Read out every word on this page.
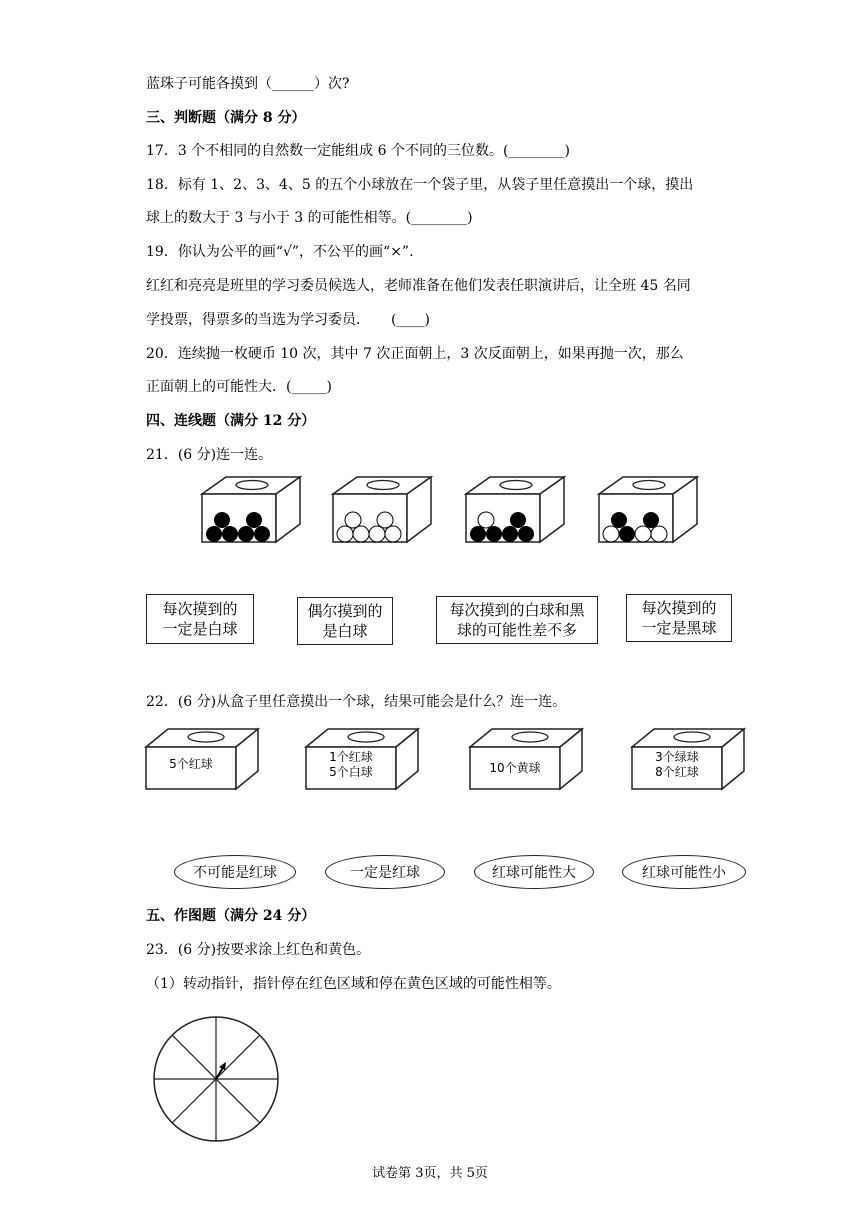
蓝珠子可能各摸到（______）次?
三、判断题（满分 8 分）
17．3 个不相同的自然数一定能组成 6 个不同的三位数。(________)
18．标有 1、2、3、4、5 的五个小球放在一个袋子里，从袋子里任意摸出一个球，摸出
球上的数大于 3 与小于 3 的可能性相等。(________)
19．你认为公平的画“√”，不公平的画“×”.
红红和亮亮是班里的学习委员候选人，老师准备在他们发表任职演讲后，让全班 45 名同
学投票，得票多的当选为学习委员．　　(____)
20．连续抛一枚硬币 10 次，其中 7 次正面朝上，3 次反面朝上，如果再抛一次，那么
正面朝上的可能性大．(_____)
四、连线题（满分 12 分）
21．(6 分)连一连。
每次摸到的
一定是白球
偶尔摸到的
是白球
每次摸到的白球和黑
球的可能性差不多
每次摸到的
一定是黑球
22．(6 分)从盒子里任意摸出一个球，结果可能会是什么？连一连。
5个红球	1个红球
5个白球	10个黄球
3个绿球
8个红球
不可能是红球	一定是红球	红球可能性大	红球可能性小
五、作图题（满分 24 分）
23．(6 分)按要求涂上红色和黄色。
（1）转动指针，指针停在红色区域和停在黄色区域的可能性相等。
试卷第 3页，共 5页
